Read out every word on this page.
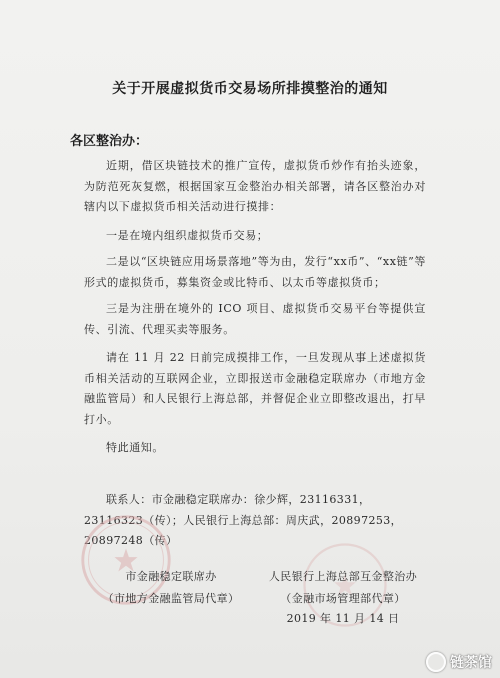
关于开展虚拟货币交易场所排摸整治的通知
各区整治办：

近期，借区块链技术的推广宣传，虚拟货币炒作有抬头迹象，为防范死灰复燃，根据国家互金整治办相关部署，请各区整治办对辖内以下虚拟货币相关活动进行摸排：

一是在境内组织虚拟货币交易；

二是以“区块链应用场景落地”等为由，发行“xx币”、“xx链”等形式的虚拟货币，募集资金或比特币、以太币等虚拟货币；

三是为注册在境外的 ICO 项目、虚拟货币交易平台等提供宣传、引流、代理买卖等服务。

请在 11 月 22 日前完成摸排工作，一旦发现从事上述虚拟货币相关活动的互联网企业，立即报送市金融稳定联席办（市地方金融监管局）和人民银行上海总部，并督促企业立即整改退出，打早打小。

特此通知。

联系人：市金融稳定联席办：徐少辉，23116331，23116323（传）；人民银行上海总部：周庆武，20897253，20897248（传）

市金融稳定联席办
（市地方金融监管局代章）
人民银行上海总部互金整治办
（金融市场管理部代章）
2019 年 11 月 14 日
链茶馆
